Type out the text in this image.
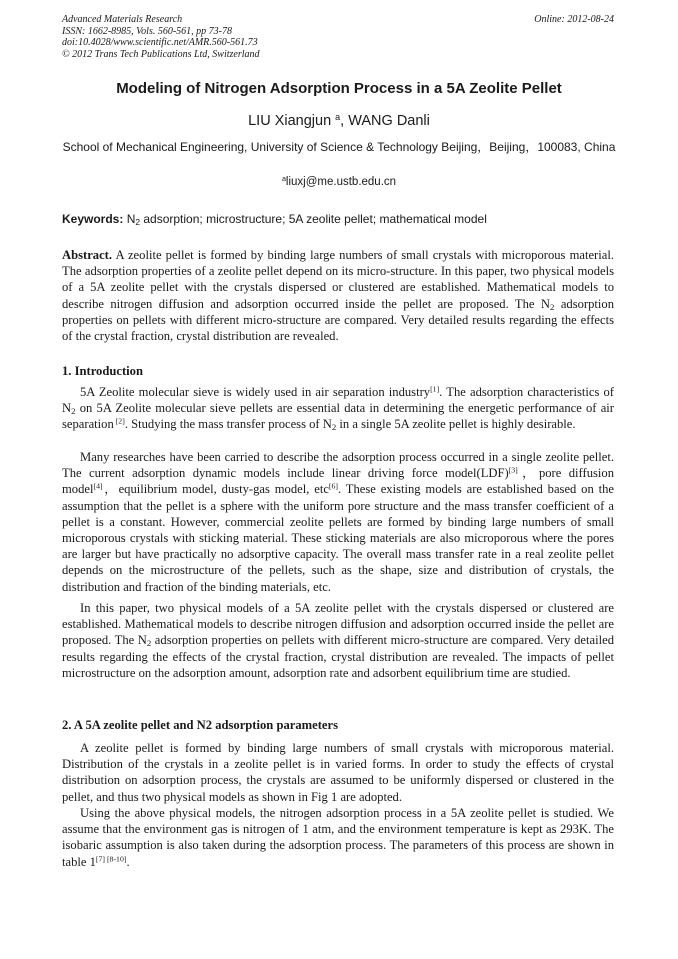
Advanced Materials Research
ISSN: 1662-8985, Vols. 560-561, pp 73-78
doi:10.4028/www.scientific.net/AMR.560-561.73
© 2012 Trans Tech Publications Ltd, Switzerland
Online: 2012-08-24
Modeling of Nitrogen Adsorption Process in a 5A Zeolite Pellet
LIU Xiangjun $^a$, WANG Danli
School of Mechanical Engineering, University of Science & Technology Beijing，Beijing，100083, China
$^a$liuxj@me.ustb.edu.cn
Keywords: $N_2$ adsorption; microstructure; 5A zeolite pellet; mathematical model
Abstract. A zeolite pellet is formed by binding large numbers of small crystals with microporous material. The adsorption properties of a zeolite pellet depend on its micro-structure. In this paper, two physical models of a 5A zeolite pellet with the crystals dispersed or clustered are established. Mathematical models to describe nitrogen diffusion and adsorption occurred inside the pellet are proposed. The $N_2$ adsorption properties on pellets with different micro-structure are compared. Very detailed results regarding the effects of the crystal fraction, crystal distribution are revealed.
1. Introduction
5A Zeolite molecular sieve is widely used in air separation industry[1]. The adsorption characteristics of $N_2$ on 5A Zeolite molecular sieve pellets are essential data in determining the energetic performance of air separation [2]. Studying the mass transfer process of $N_2$ in a single 5A zeolite pellet is highly desirable.
Many researches have been carried to describe the adsorption process occurred in a single zeolite pellet. The current adsorption dynamic models include linear driving force model(LDF)[3]，pore diffusion model[4]，equilibrium model, dusty-gas model, etc[6]. These existing models are established based on the assumption that the pellet is a sphere with the uniform pore structure and the mass transfer coefficient of a pellet is a constant. However, commercial zeolite pellets are formed by binding large numbers of small microporous crystals with sticking material. These sticking materials are also microporous where the pores are larger but have practically no adsorptive capacity. The overall mass transfer rate in a real zeolite pellet depends on the microstructure of the pellets, such as the shape, size and distribution of crystals, the distribution and fraction of the binding materials, etc.
In this paper, two physical models of a 5A zeolite pellet with the crystals dispersed or clustered are established. Mathematical models to describe nitrogen diffusion and adsorption occurred inside the pellet are proposed. The $N_2$ adsorption properties on pellets with different micro-structure are compared. Very detailed results regarding the effects of the crystal fraction, crystal distribution are revealed. The impacts of pellet microstructure on the adsorption amount, adsorption rate and adsorbent equilibrium time are studied.
2. A 5A zeolite pellet and N2 adsorption parameters
A zeolite pellet is formed by binding large numbers of small crystals with microporous material. Distribution of the crystals in a zeolite pellet is in varied forms. In order to study the effects of crystal distribution on adsorption process, the crystals are assumed to be uniformly dispersed or clustered in the pellet, and thus two physical models as shown in Fig 1 are adopted.
Using the above physical models, the nitrogen adsorption process in a 5A zeolite pellet is studied. We assume that the environment gas is nitrogen of 1 atm, and the environment temperature is kept as 293K. The isobaric assumption is also taken during the adsorption process. The parameters of this process are shown in table 1[7] [8-10].
